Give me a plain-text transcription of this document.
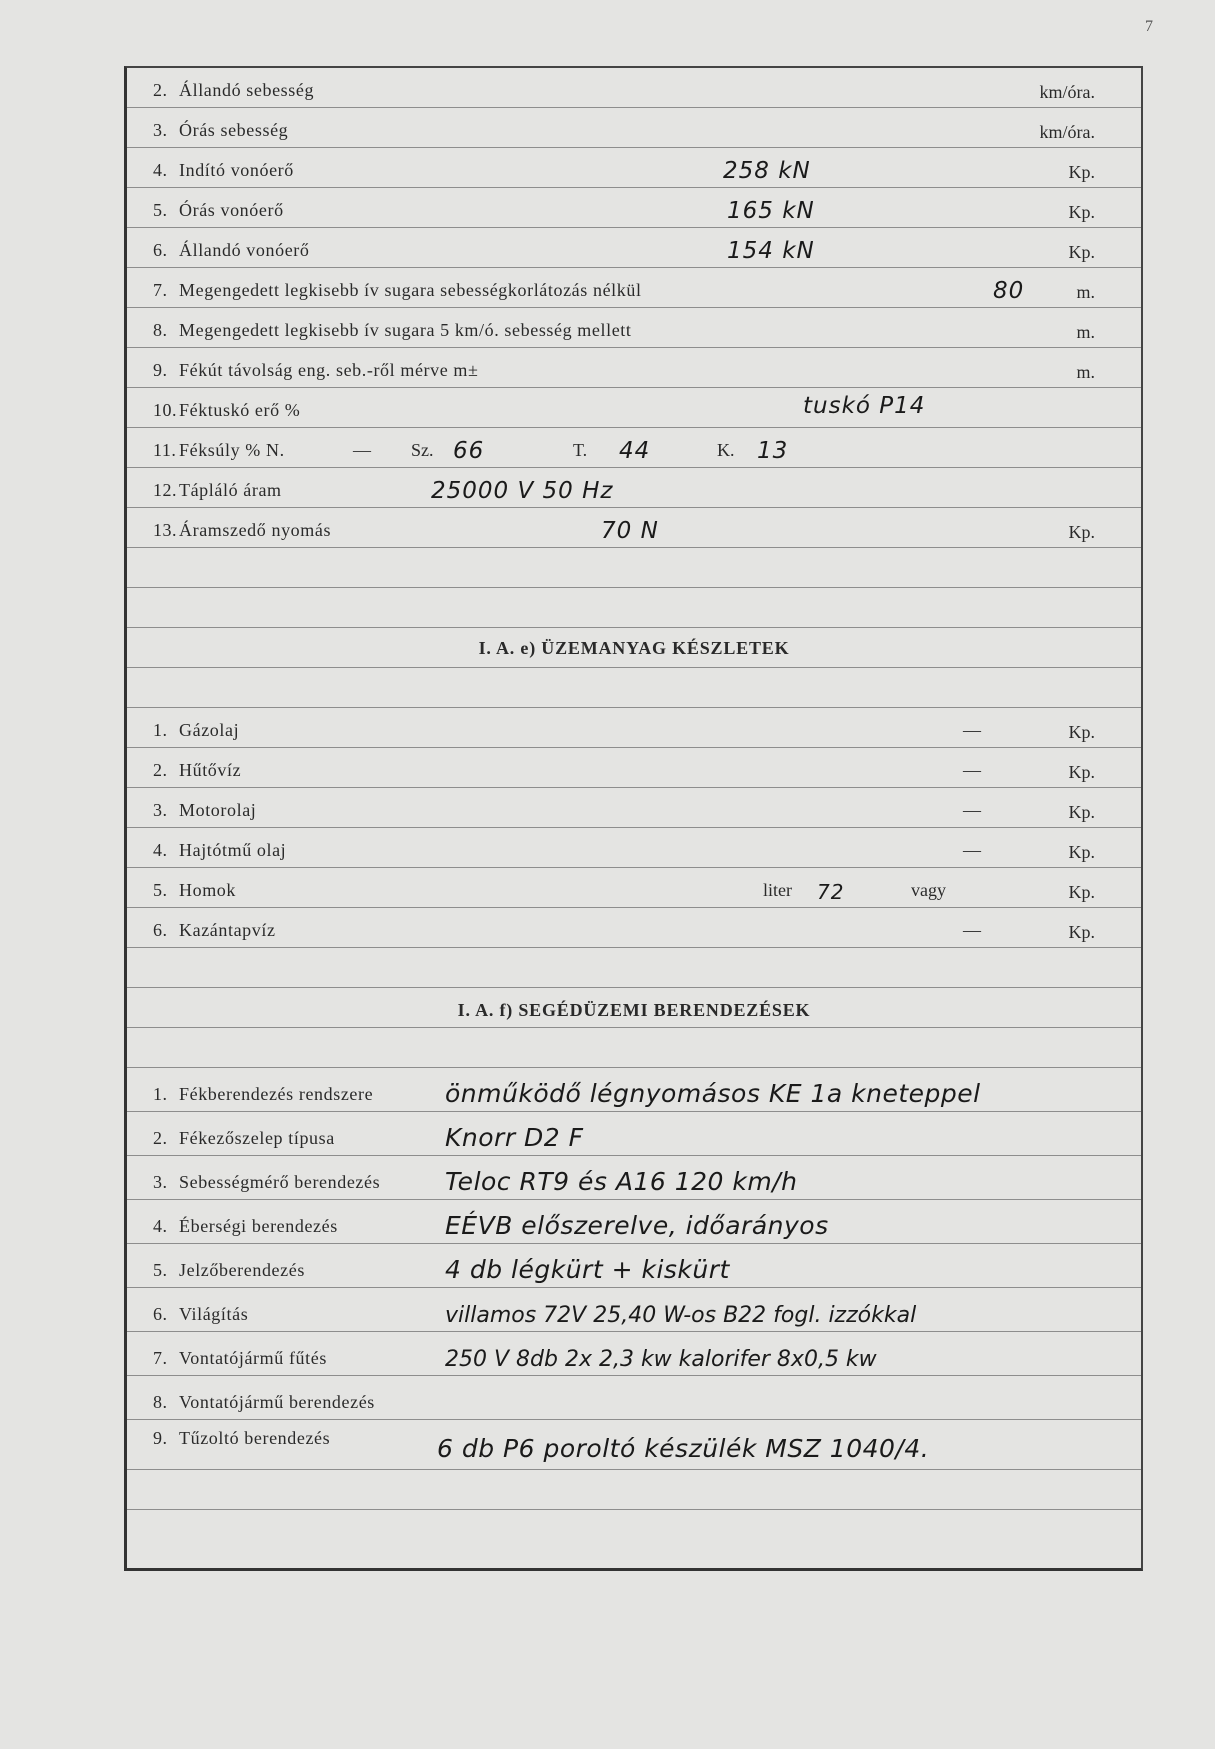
7
2. Állandó sebesség	km/óra.
3. Órás sebesség	km/óra.
4. Indító vonóerő	258 kN	Kp.
5. Órás vonóerő	165 kN	Kp.
6. Állandó vonóerő	154 kN	Kp.
7. Megengedett legkisebb ív sugara sebességkorlátozás nélkül	80	m.
8. Megengedett legkisebb ív sugara 5 km/ó. sebesség mellett	m.
9. Fékút távolság eng. seb.-ről mérve m±	m.
10. Féktuskó erő %	tuskó P14
11. Féksúly % N.	— Sz. 66	T. 44	K. 13
12. Tápláló áram	25000 V 50 Hz
13. Áramszedő nyomás	70 N	Kp.
I. A. e) ÜZEMANYAG KÉSZLETEK
1. Gázolaj	—	Kp.
2. Hűtővíz	—	Kp.
3. Motorolaj	—	Kp.
4. Hajtótmű olaj	—	Kp.
5. Homok	liter 72	vagy	Kp.
6. Kazántapvíz	—	Kp.
I. A. f) SEGÉDÜZEMI BERENDEZÉSEK
1. Fékberendezés rendszere	önműködő légnyomásos KE 1a kneteppel
2. Fékezőszelep típusa	Knorr D2 F
3. Sebességmérő berendezés	Teloc RT9 és A16 120 km/h
4. Éberségi berendezés	EÉVB előszerelve, időarányos
5. Jelzőberendezés	4 db légkürt + kiskürt
6. Világítás	villamos 72V 25,40 W-os B22 fogl. izzókkal
7. Vontatójármű fűtés	250 V 8db 2x 2,3 kw kalorifer 8x0,5 kw
8. Vontatójármű berendezés
9. Tűzoltó berendezés	6 db P6 poroltó készülék MSZ 1040/4.
